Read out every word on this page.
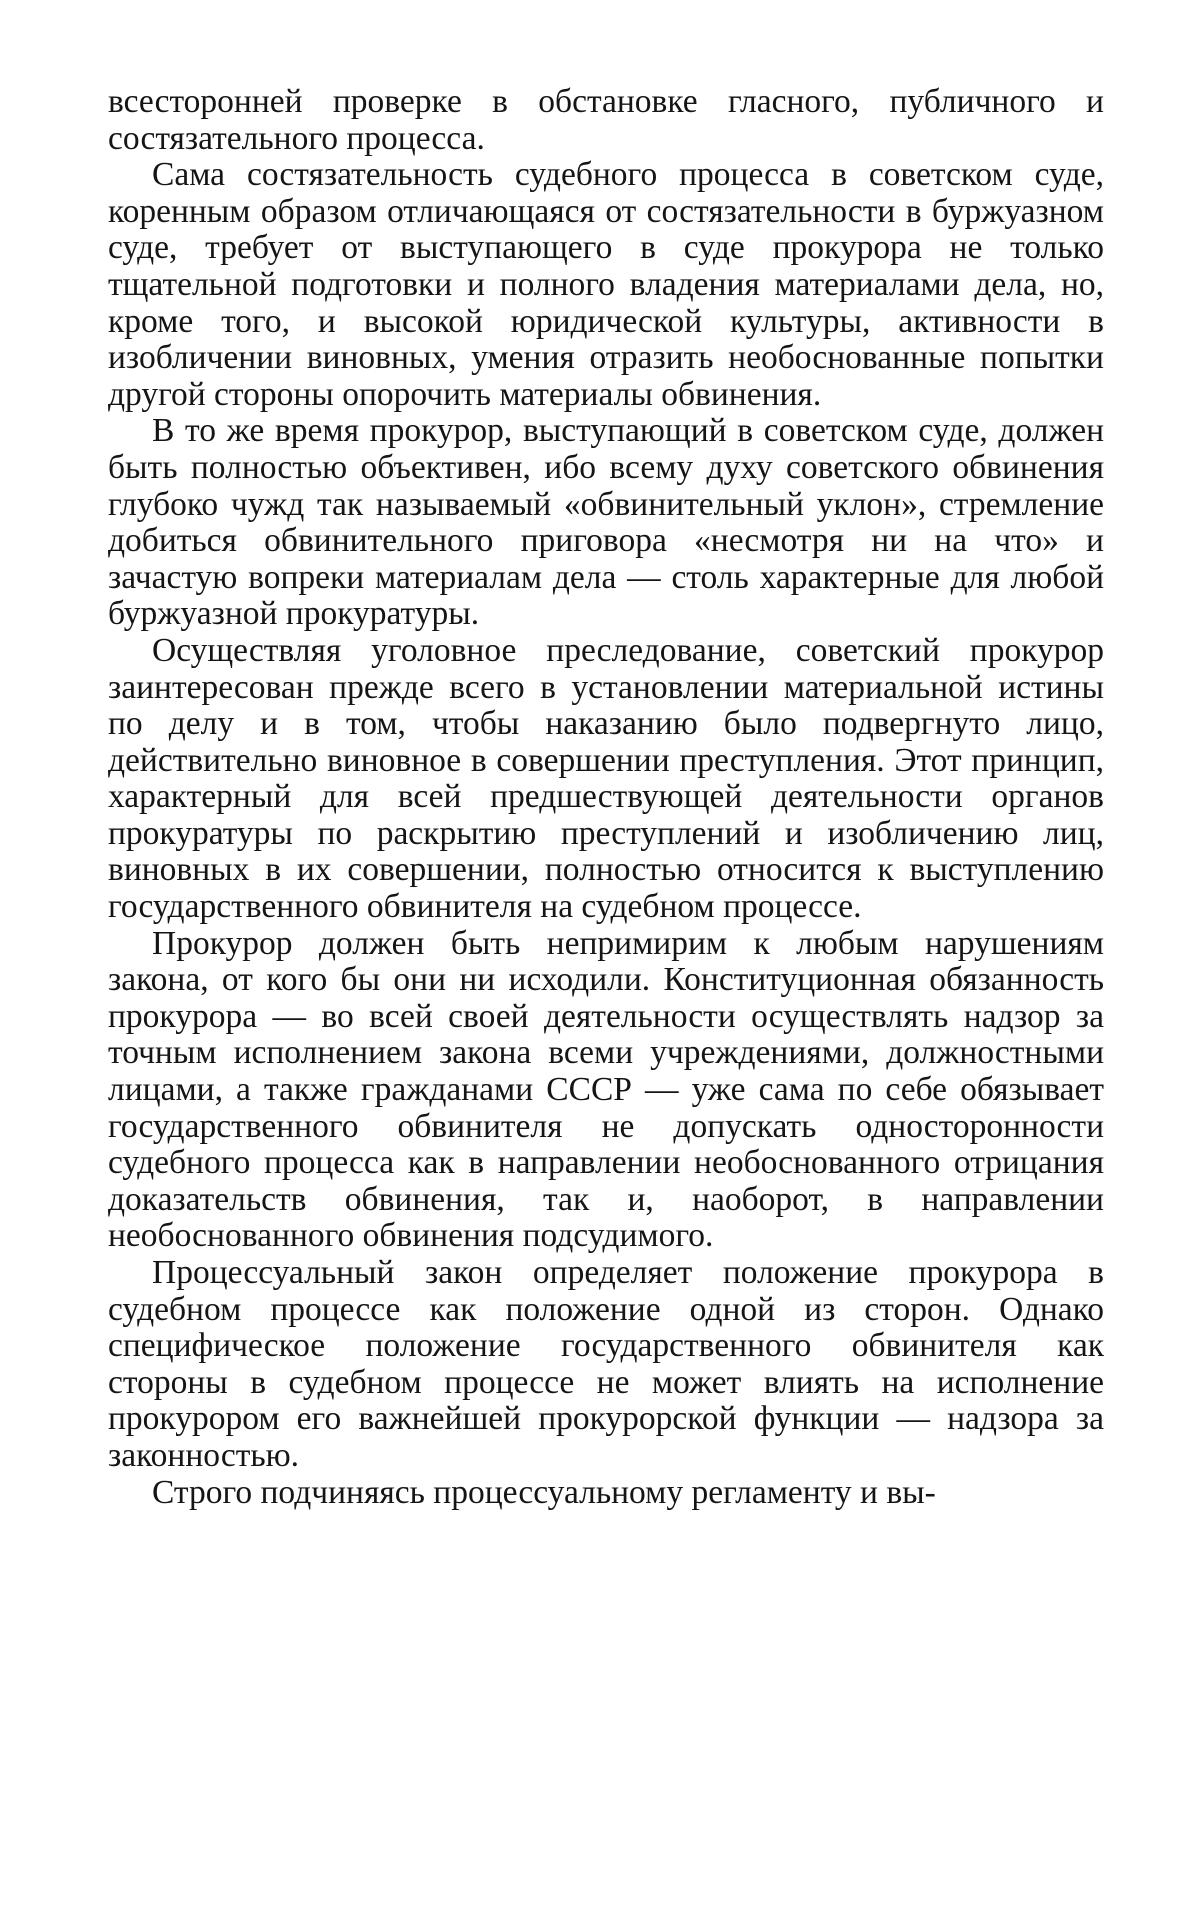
всесторонней проверке в обстановке гласного, публичного и состязательного процесса.

Сама состязательность судебного процесса в советском суде, коренным образом отличающаяся от состязательности в буржуазном суде, требует от выступающего в суде прокурора не только тщательной подготовки и полного владения материалами дела, но, кроме того, и высокой юридической культуры, активности в изобличении виновных, умения отразить необоснованные попытки другой стороны опорочить материалы обвинения.

В то же время прокурор, выступающий в советском суде, должен быть полностью объективен, ибо всему духу советского обвинения глубоко чужд так называемый «обвинительный уклон», стремление добиться обвинительного приговора «несмотря ни на что» и зачастую вопреки материалам дела — столь характерные для любой буржуазной прокуратуры.

Осуществляя уголовное преследование, советский прокурор заинтересован прежде всего в установлении материальной истины по делу и в том, чтобы наказанию было подвергнуто лицо, действительно виновное в совершении преступления. Этот принцип, характерный для всей предшествующей деятельности органов прокуратуры по раскрытию преступлений и изобличению лиц, виновных в их совершении, полностью относится к выступлению государственного обвинителя на судебном процессе.

Прокурор должен быть непримирим к любым нарушениям закона, от кого бы они ни исходили. Конституционная обязанность прокурора — во всей своей деятельности осуществлять надзор за точным исполнением закона всеми учреждениями, должностными лицами, а также гражданами СССР — уже сама по себе обязывает государственного обвинителя не допускать односторонности судебного процесса как в направлении необоснованного отрицания доказательств обвинения, так и, наоборот, в направлении необоснованного обвинения подсудимого.

Процессуальный закон определяет положение прокурора в судебном процессе как положение одной из сторон. Однако специфическое положение государственного обвинителя как стороны в судебном процессе не может влиять на исполнение прокурором его важнейшей прокурорской функции — надзора за законностью.

Строго подчиняясь процессуальному регламенту и вы-
